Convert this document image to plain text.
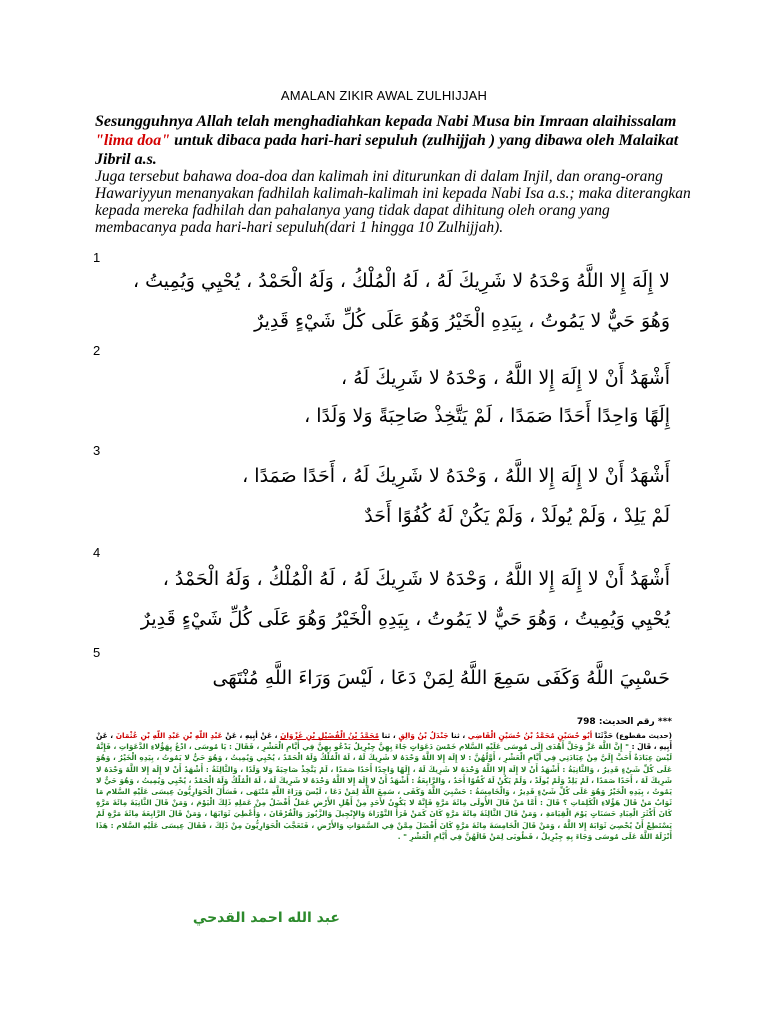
AMALAN ZIKIR AWAL ZULHIJJAH
Sesungguhnya Allah telah menghadiahkan kepada Nabi Musa bin Imraan alaihissalam "lima doa" untuk dibaca pada hari-hari sepuluh (zulhijjah ) yang dibawa oleh Malaikat Jibril a.s.
Juga tersebut bahawa doa-doa dan kalimah ini diturunkan di dalam Injil, dan orang-orang Hawariyyun menanyakan fadhilah kalimah-kalimah ini kepada Nabi Isa a.s.; maka diterangkan kepada mereka fadhilah dan pahalanya yang tidak dapat dihitung oleh orang yang membacanya pada hari-hari sepuluh(dari 1 hingga 10 Zulhijjah).
1
لا إِلَهَ إِلا اللَّهُ وَحْدَهُ لا شَرِيكَ لَهُ ، لَهُ الْمُلْكُ ، وَلَهُ الْحَمْدُ ، يُحْيِي وَيُمِيتُ ،
وَهُوَ حَيٌّ لا يَمُوتُ ، بِيَدِهِ الْخَيْرُ وَهُوَ عَلَى كُلِّ شَيْءٍ قَدِيرٌ
2
أَشْهَدُ أَنْ لا إِلَهَ إِلا اللَّهُ ، وَحْدَهُ لا شَرِيكَ لَهُ ،
إِلَهًا وَاحِدًا أَحَدًا صَمَدًا ، لَمْ يَتَّخِذْ صَاحِبَةً وَلا وَلَدًا ،
3
أَشْهَدُ أَنْ لا إِلَهَ إِلا اللَّهُ ، وَحْدَهُ لا شَرِيكَ لَهُ ، أَحَدًا صَمَدًا ،
لَمْ يَلِدْ ، وَلَمْ يُولَدْ ، وَلَمْ يَكُنْ لَهُ كُفُوًا أَحَدٌ
4
أَشْهَدُ أَنْ لا إِلَهَ إِلا اللَّهُ ، وَحْدَهُ لا شَرِيكَ لَهُ ، لَهُ الْمُلْكُ ، وَلَهُ الْحَمْدُ ،
يُحْيِي وَيُمِيتُ ، وَهُوَ حَيٌّ لا يَمُوتُ ، بِيَدِهِ الْخَيْرُ وَهُوَ عَلَى كُلِّ شَيْءٍ قَدِيرٌ
5
حَسْبِيَ اللَّهُ وَكَفَى سَمِعَ اللَّهُ لِمَنْ دَعَا ، لَيْسَ وَرَاءَ اللَّهِ مُنْتَهَى
*** رقم الحديث: 798
(حديث مقطوع) حَدَّثَنَا أَبُو حُسَيْنٍ مُحَمَّدُ بْنُ حُسَيْنٍ الْقَاضِي ، ثنا جَنْدَلُ بْنُ وَالِقٍ ، ثنا مُحَمَّدُ بْنُ الْفُضَيْلِ بْنِ غَزْوَانَ ، عَنْ أَبِيهِ ، عَنْ عَبْدِ اللَّهِ بْنِ عَبْدِ اللَّهِ بْنِ عُثْمَانَ ، عَنْ أَبِيهِ ، قَالَ : " إِنَّ اللَّهَ عَزَّ وَجَلَّ أَهْدَى إِلَى مُوسَى عَلَيْهِ السَّلام خَمْسَ دَعَوَاتٍ جَاءَ بِهِنَّ جِبْرِيلُ يَدْعُو بِهِنَّ فِي أَيَّامِ الْعَشْرِ ، فَقَالَ : يَا مُوسَى ، ادْعُ بِهَؤُلاءِ الدَّعَوَاتِ ، فَإِنَّهُ لَيْسَ عِبَادَةٌ أَحَبَّ إِلَيَّ مِنْ عِبَادَتِي فِي أَيَّامِ الْعَشْرِ ، أَوَّلُهُنَّ : لا إِلَهَ إِلا اللَّهُ وَحْدَهُ لا شَرِيكَ لَهُ ، لَهُ الْمُلْكُ وَلَهُ الْحَمْدُ ، يُحْيِي وَيُمِيتُ ، وَهُوَ حَيٌّ لا يَمُوتُ ، بِيَدِهِ الْخَيْرُ ، وَهُوَ عَلَى كُلِّ شَيْءٍ قَدِيرٌ ، وَالثَّانِيَةُ : أَشْهَدُ أَنْ لا إِلَهَ إِلا اللَّهُ وَحْدَهُ لا شَرِيكَ لَهُ ، إِلَهًا وَاحِدًا أَحَدًا صَمَدًا ، لَمْ يَتَّخِذْ صَاحِبَةً وَلا وَلَدًا ، وَالثَّالِثَةُ : أَشْهَدُ أَنْ لا إِلَهَ إِلا اللَّهُ وَحْدَهُ لا شَرِيكَ لَهُ ، أَحَدًا صَمَدًا ، لَمْ يَلِدْ وَلَمْ يُولَدْ ، وَلَمْ يَكُنْ لَهُ كُفُوًا أَحَدٌ ، وَالرَّابِعَةُ : أَشْهَدُ أَنْ لا إِلَهَ إِلا اللَّهُ وَحْدَهُ لا شَرِيكَ لَهُ ، لَهُ الْمُلْكُ وَلَهُ الْحَمْدُ ، يُحْيِي وَيُمِيتُ ، وَهُوَ حَيٌّ لا يَمُوتُ ، بِيَدِهِ الْخَيْرُ وَهُوَ عَلَى كُلِّ شَيْءٍ قَدِيرٌ ، وَالْخَامِسَةُ : حَسْبِيَ اللَّهُ وَكَفَى ، سَمِعَ اللَّهُ لِمَنْ دَعَا ، لَيْسَ وَرَاءَ اللَّهِ مُنْتَهَى ، فَسَأَلَ الْحَوَارِيُّونَ عِيسَى عَلَيْهِ السَّلام مَا ثَوَابُ مَنْ قَالَ هَؤُلاءِ الْكَلِمَاتِ ؟ قَالَ : أَمَّا مَنْ قَالَ الأُولَى مِائَةَ مَرَّةٍ فَإِنَّهُ لا يَكُونُ لأَحَدٍ مِنْ أَهْلِ الأَرْضِ عَمَلٌ أَفْضَلُ مِنْ عَمَلِهِ ذَلِكَ الْيَوْمَ ، وَمَنْ قَالَ الثَّانِيَةَ مِائَةَ مَرَّةٍ كَانَ أَكْثَرَ الْعِبَادِ حَسَنَاتٍ يَوْمَ الْقِيَامَةِ ، وَمَنْ قَالَ الثَّالِثَةَ مِائَةَ مَرَّةٍ كَانَ كَمَنْ قَرَأَ التَّوْرَاةَ وَالإِنْجِيلَ وَالزَّبُورَ وَالْفُرْقَانَ ، وَأُعْطِيَ ثَوَابَهَا ، وَمَنْ قَالَ الرَّابِعَةَ مِائَةَ مَرَّةٍ لَمْ يَسْتَطِعْ أَنْ يُحْصِيَ ثَوَابَهُ إِلا اللَّهُ ، وَمَنْ قَالَ الْخَامِسَةَ مِائَةَ مَرَّةٍ كَانَ أَفْضَلَ مِمَّنْ فِي السَّمَوَاتِ وَالأَرْضِ ، فَتَعَجَّبَ الْحَوَارِيُّونَ مِنْ ذَلِكَ ، فَقَالَ عِيسَى عَلَيْهِ السَّلام : هَذَا أَنْزَلَهُ اللَّهُ عَلَى مُوسَى وَجَاءَ بِهِ جِبْرِيلُ ، فَطُوبَى لِمَنْ قَالَهُنَّ فِي أَيَّامِ الْعَشْرِ " .
عبد الله احمد القدحي
